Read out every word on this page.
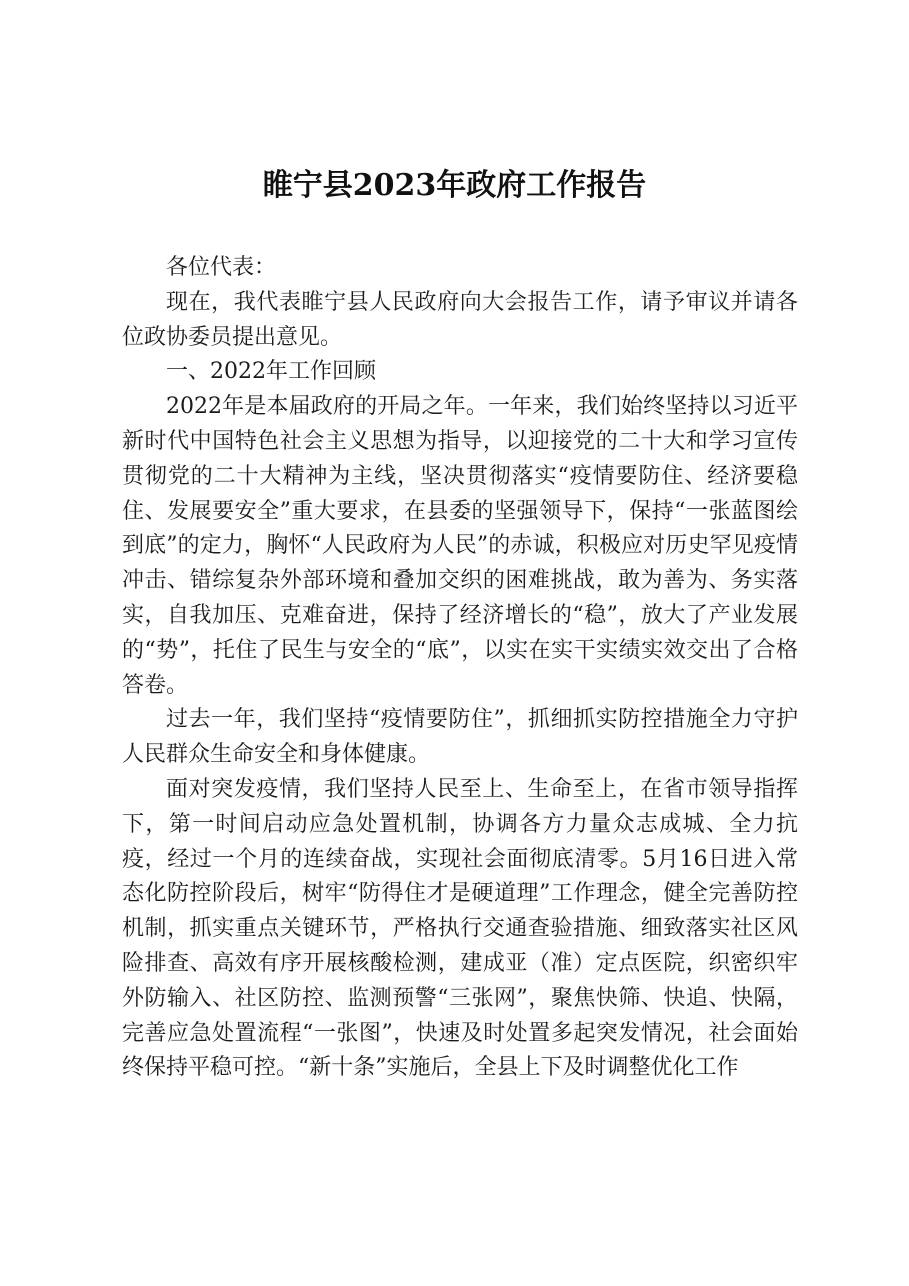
睢宁县2023年政府工作报告

各位代表：

现在，我代表睢宁县人民政府向大会报告工作，请予审议并请各位政协委员提出意见。

一、2022年工作回顾

2022年是本届政府的开局之年。一年来，我们始终坚持以习近平新时代中国特色社会主义思想为指导，以迎接党的二十大和学习宣传贯彻党的二十大精神为主线，坚决贯彻落实“疫情要防住、经济要稳住、发展要安全”重大要求，在县委的坚强领导下，保持“一张蓝图绘到底”的定力，胸怀“人民政府为人民”的赤诚，积极应对历史罕见疫情冲击、错综复杂外部环境和叠加交织的困难挑战，敢为善为、务实落实，自我加压、克难奋进，保持了经济增长的“稳”，放大了产业发展的“势”，托住了民生与安全的“底”，以实在实干实绩实效交出了合格答卷。

过去一年，我们坚持“疫情要防住”，抓细抓实防控措施全力守护人民群众生命安全和身体健康。

面对突发疫情，我们坚持人民至上、生命至上，在省市领导指挥下，第一时间启动应急处置机制，协调各方力量众志成城、全力抗疫，经过一个月的连续奋战，实现社会面彻底清零。5月16日进入常态化防控阶段后，树牢“防得住才是硬道理”工作理念，健全完善防控机制，抓实重点关键环节，严格执行交通查验措施、细致落实社区风险排查、高效有序开展核酸检测，建成亚（准）定点医院，织密织牢外防输入、社区防控、监测预警“三张网”，聚焦快筛、快追、快隔，完善应急处置流程“一张图”，快速及时处置多起突发情况，社会面始终保持平稳可控。“新十条”实施后，全县上下及时调整优化工作
